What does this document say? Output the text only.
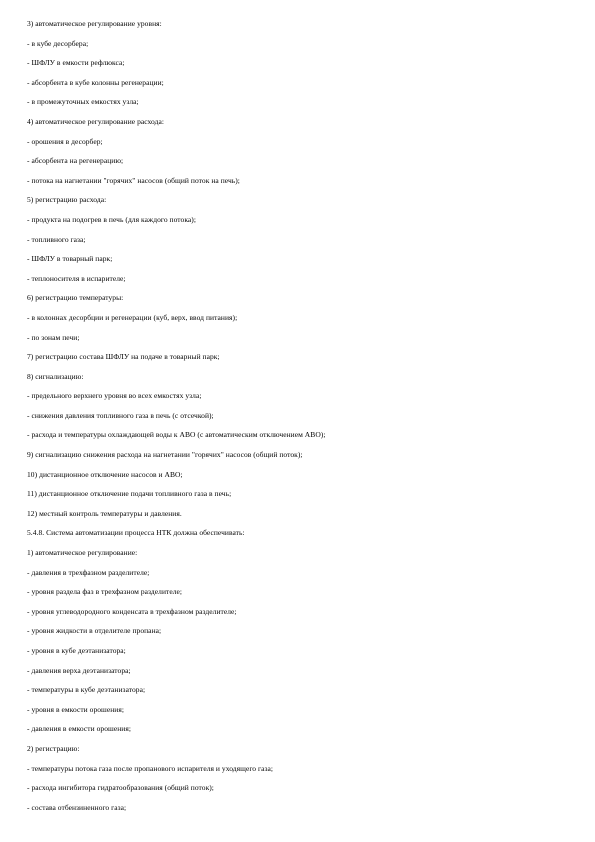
3) автоматическое регулирование уровня:
- в кубе десорбера;
- ШФЛУ в емкости рефлюкса;
- абсорбента в кубе колонны регенерации;
- в промежуточных емкостях узла;
4) автоматическое регулирование расхода:
- орошения в десорбер;
- абсорбента на регенерацию;
- потока на нагнетании "горячих" насосов (общий поток на печь);
5) регистрацию расхода:
- продукта на подогрев в печь (для каждого потока);
- топливного газа;
- ШФЛУ в товарный парк;
- теплоносителя в испарителе;
6) регистрацию температуры:
- в колоннах десорбции и регенерации (куб, верх, ввод питания);
- по зонам печи;
7) регистрацию состава ШФЛУ на подаче в товарный парк;
8) сигнализацию:
- предельного верхнего уровня во всех емкостях узла;
- снижения давления топливного газа в печь (с отсечкой);
- расхода и температуры охлаждающей воды к АВО (с автоматическим отключением АВО);
9) сигнализацию снижения расхода на нагнетании "горячих" насосов (общий поток);
10) дистанционное отключение насосов и АВО;
11) дистанционное отключение подачи топливного газа в печь;
12) местный контроль температуры и давления.
5.4.8. Система автоматизации процесса НТК должна обеспечивать:
1) автоматическое регулирование:
- давления в трехфазном разделителе;
- уровня раздела фаз в трехфазном разделителе;
- уровня углеводородного конденсата в трехфазном разделителе;
- уровня жидкости в отделителе пропана;
- уровня в кубе деэтанизатора;
- давления верха деэтанизатора;
- температуры в кубе деэтанизатора;
- уровня в емкости орошения;
- давления в емкости орошения;
2) регистрацию:
- температуры потока газа после пропанового испарителя и уходящего газа;
- расхода ингибитора гидратообразования (общий поток);
- состава отбензиненного газа;
